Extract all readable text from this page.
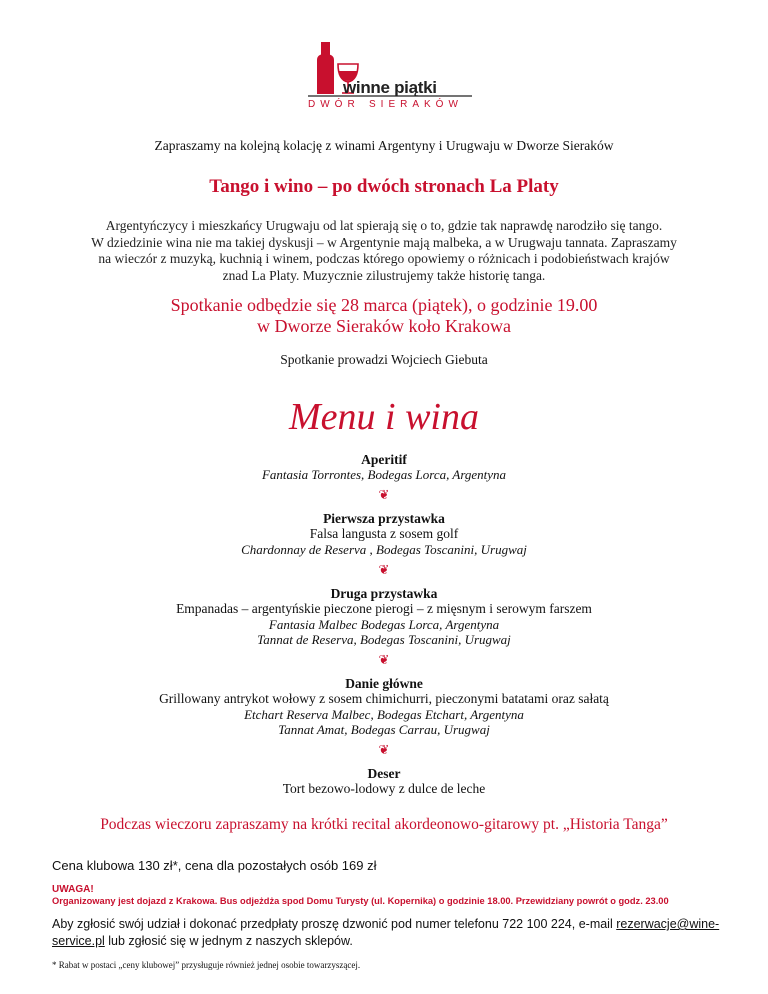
winne piątki
DWÓR SIERAKÓW
Zapraszamy na kolejną kolację z winami Argentyny i Urugwaju w Dworze Sieraków
Tango i wino – po dwóch stronach La Platy
Argentyńczycy i mieszkańcy Urugwaju od lat spierają się o to, gdzie tak naprawdę narodziło się tango.
W dziedzinie wina nie ma takiej dyskusji – w Argentynie mają malbeka, a w Urugwaju tannata. Zapraszamy
na wieczór z muzyką, kuchnią i winem, podczas którego opowiemy o różnicach i podobieństwach krajów
znad La Platy. Muzycznie zilustrujemy także historię tanga.
Spotkanie odbędzie się 28 marca (piątek), o godzinie 19.00
w Dworze Sieraków koło Krakowa
Spotkanie prowadzi Wojciech Giebuta
Menu i wina
Aperitif
Fantasia Torrontes, Bodegas Lorca, Argentyna
❦
Pierwsza przystawka
Falsa langusta z sosem golf
Chardonnay de Reserva , Bodegas Toscanini, Urugwaj
❦
Druga przystawka
Empanadas – argentyńskie pieczone pierogi – z mięsnym i serowym farszem
Fantasia Malbec Bodegas Lorca, Argentyna
Tannat de Reserva, Bodegas Toscanini, Urugwaj
❦
Danie główne
Grillowany antrykot wołowy z sosem chimichurri, pieczonymi batatami oraz sałatą
Etchart Reserva Malbec, Bodegas Etchart, Argentyna
Tannat Amat, Bodegas Carrau, Urugwaj
❦
Deser
Tort bezowo-lodowy z dulce de leche
Podczas wieczoru zapraszamy na krótki recital akordeonowo-gitarowy pt. „Historia Tanga”
Cena klubowa 130 zł*, cena dla pozostałych osób 169 zł
UWAGA!
Organizowany jest dojazd z Krakowa. Bus odjeżdża spod Domu Turysty (ul. Kopernika) o godzinie 18.00. Przewidziany powrót o godz. 23.00
Aby zgłosić swój udział i dokonać przedpłaty proszę dzwonić pod numer telefonu 722 100 224, e-mail rezerwacje@wine-service.pl lub zgłosić się w jednym z naszych sklepów.
* Rabat w postaci „ceny klubowej” przysługuje również jednej osobie towarzyszącej.
